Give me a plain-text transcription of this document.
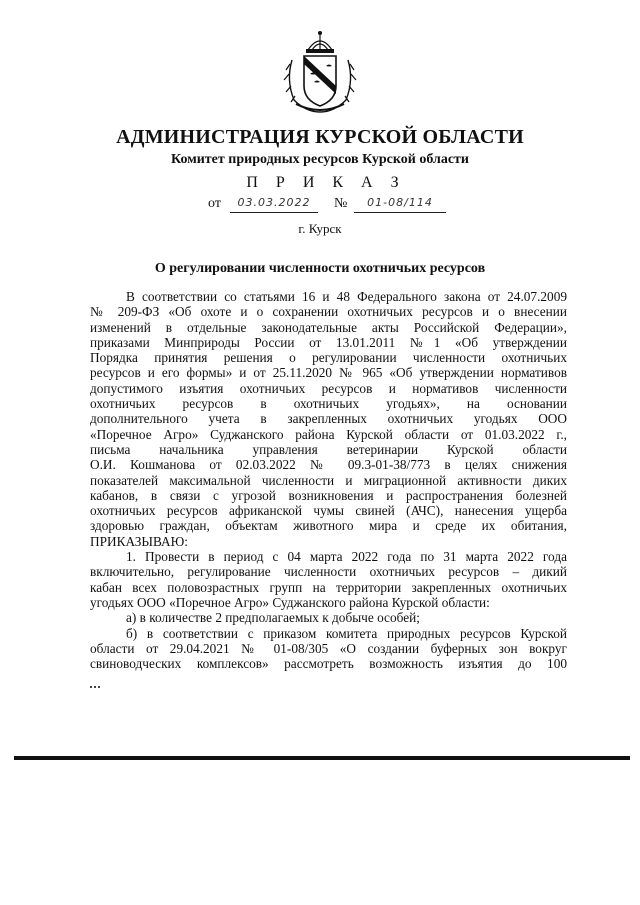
АДМИНИСТРАЦИЯ КУРСКОЙ ОБЛАСТИ
Комитет природных ресурсов Курской области
П Р И К А З
от	03.03.2022	№	01-08/114
г. Курск
О регулировании численности охотничьих ресурсов

В соответствии со статьями 16 и 48 Федерального закона от 24.07.2009

№ 209-ФЗ «Об охоте и о сохранении охотничьих ресурсов и о внесении

изменений в отдельные законодательные акты Российской Федерации»,

приказами Минприроды России от 13.01.2011 №1 «Об утверждении

Порядка принятия решения о регулировании численности охотничьих

ресурсов и его формы» и от 25.11.2020 № 965 «Об утверждении нормативов

допустимого изъятия охотничьих ресурсов и нормативов численности

охотничьих ресурсов в охотничьих угодьях», на основании

дополнительного учета в закрепленных охотничьих угодьях ООО

«Поречное Агро» Суджанского района Курской области от 01.03.2022 г.,

письма начальника управления ветеринарии Курской области

О.И. Кошманова от 02.03.2022 № 09.3-01-38/773 в целях снижения

показателей максимальной численности и миграционной активности диких

кабанов, в связи с угрозой возникновения и распространения болезней

охотничьих ресурсов африканской чумы свиней (АЧС), нанесения ущерба

здоровью граждан, объектам животного мира и среде их обитания,

ПРИКАЗЫВАЮ:

1. Провести в период с 04 марта 2022 года по 31 марта 2022 года

включительно, регулирование численности охотничьих ресурсов – дикий

кабан всех половозрастных групп на территории закрепленных охотничьих

угодьях ООО «Поречное Агро» Суджанского района Курской области:

а) в количестве 2 предполагаемых к добыче особей;

б) в соответствии с приказом комитета природных ресурсов Курской

области от 29.04.2021 № 01-08/305 «О создании буферных зон вокруг

свиноводческих комплексов» рассмотреть возможность изъятия до 100
